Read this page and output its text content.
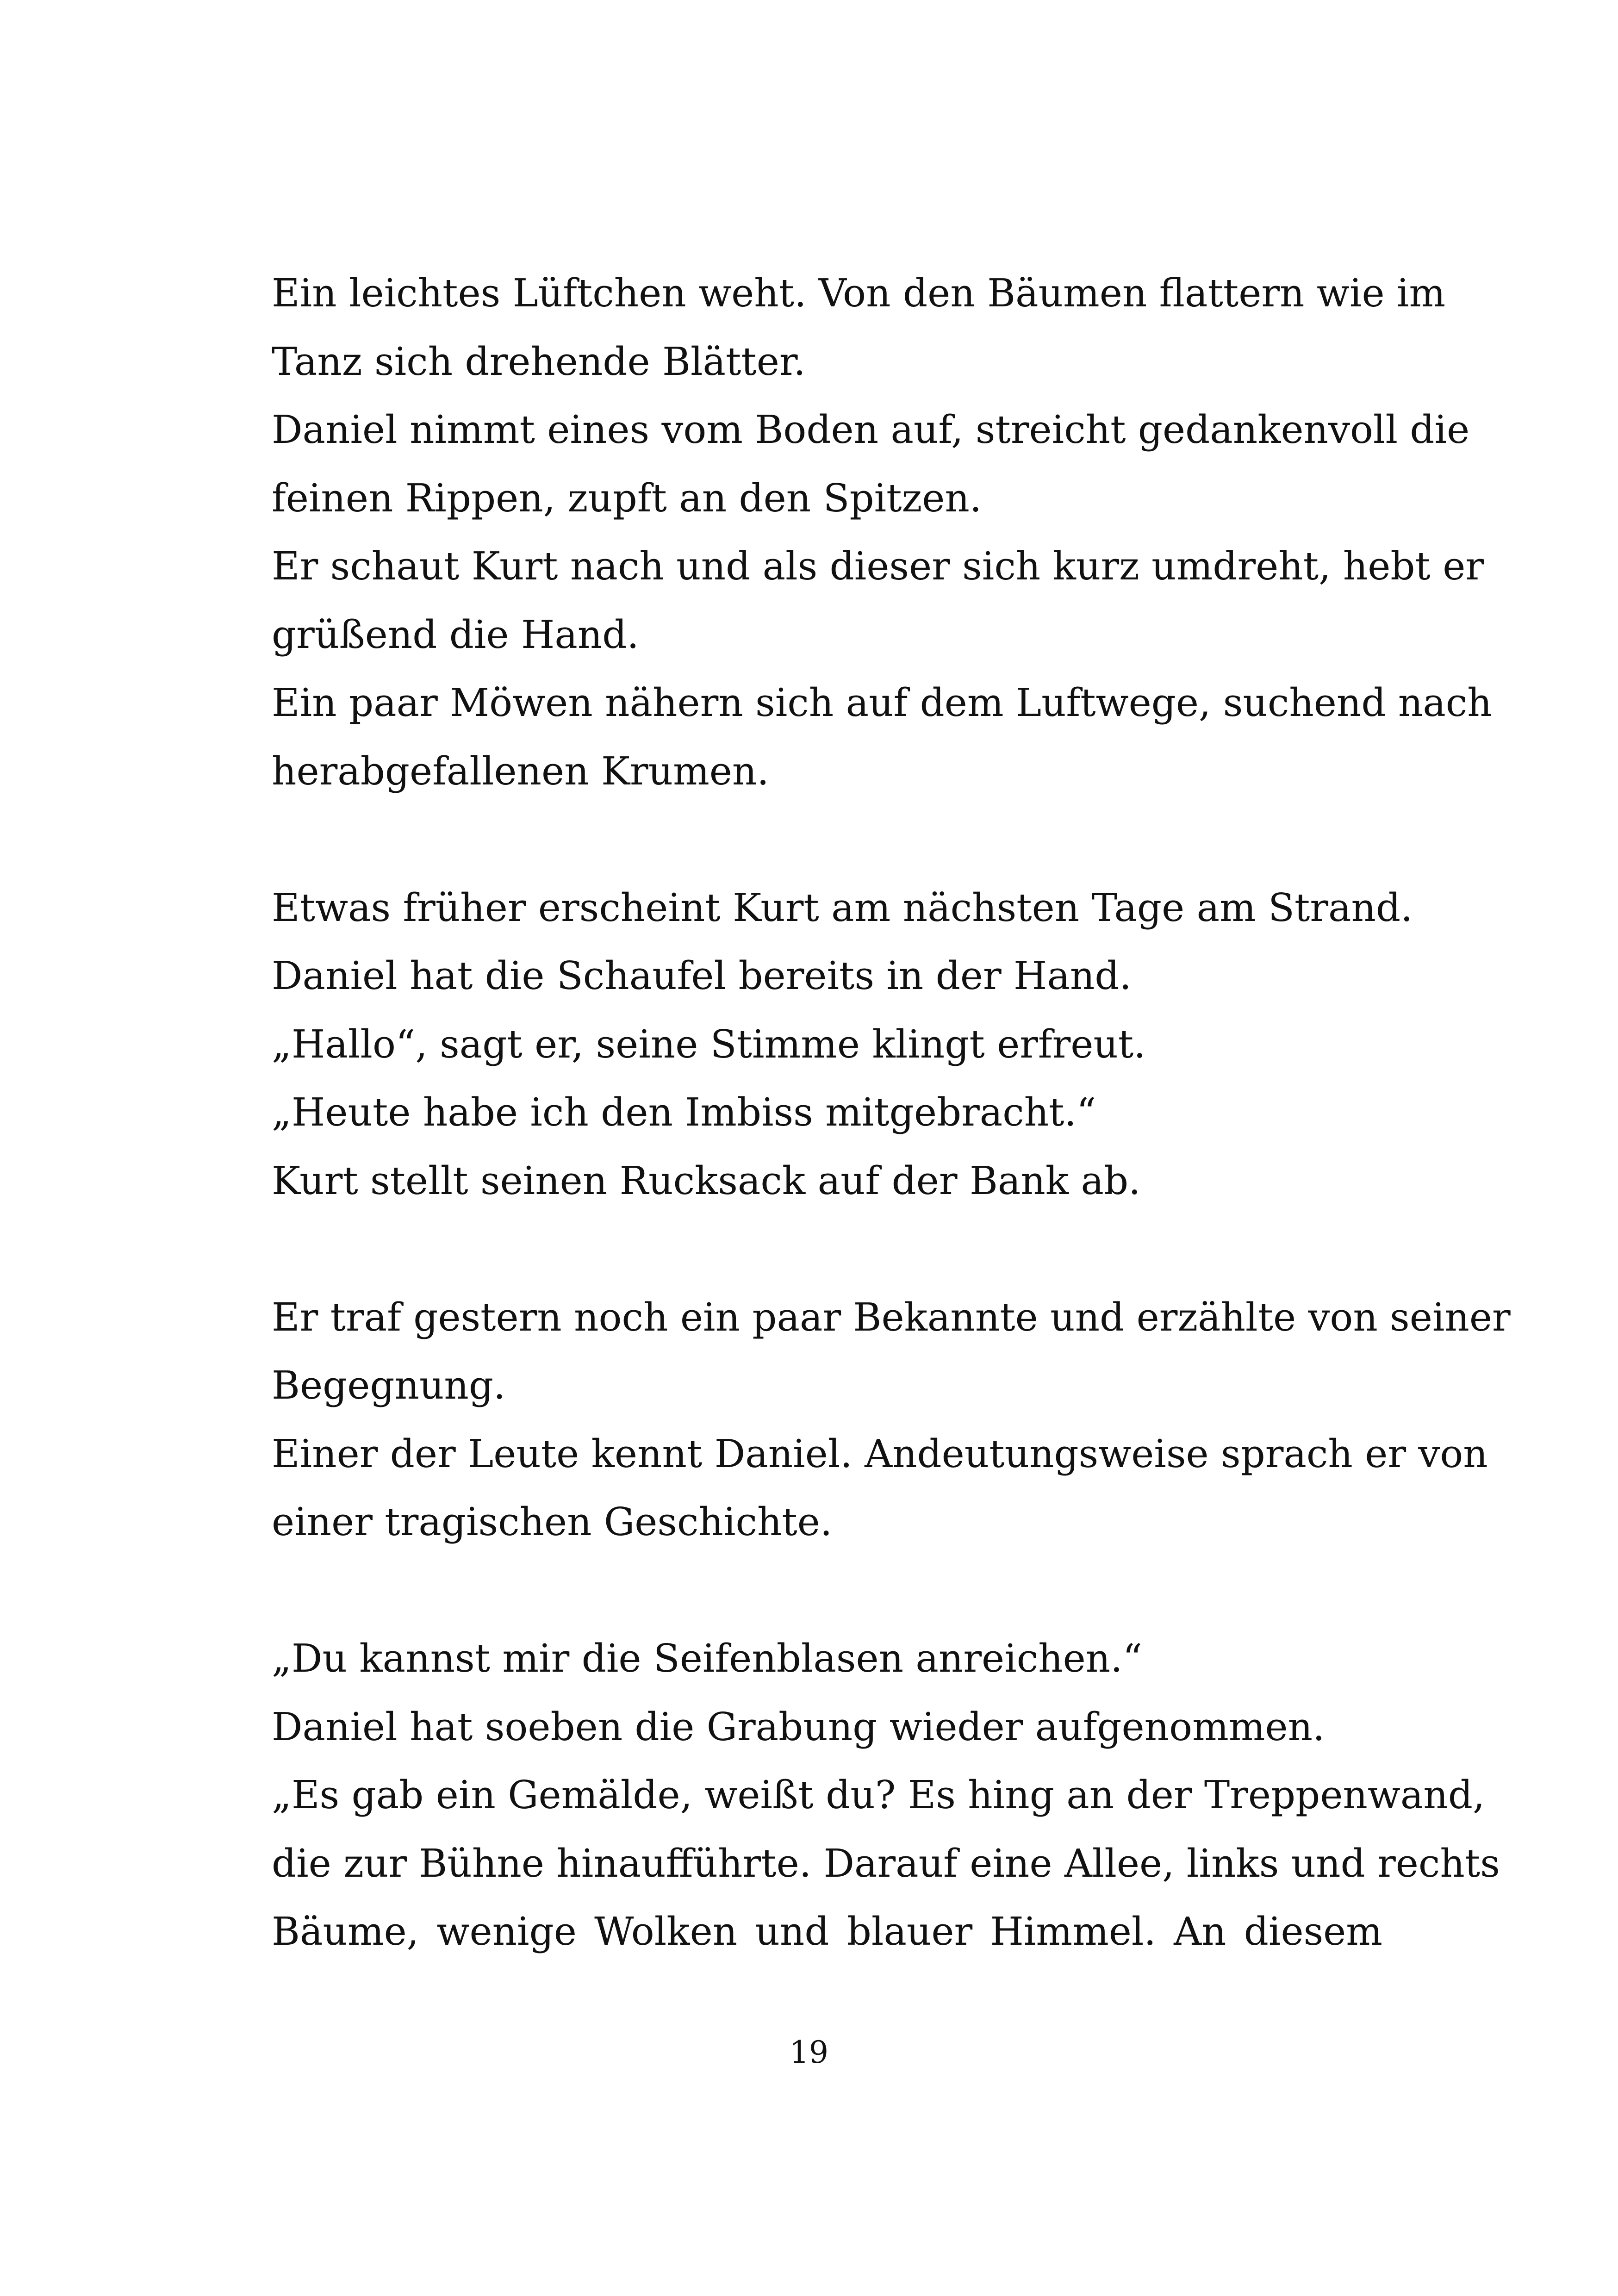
Ein leichtes Lüftchen weht. Von den Bäumen flattern wie im
Tanz sich drehende Blätter.
Daniel nimmt eines vom Boden auf, streicht gedankenvoll die
feinen Rippen, zupft an den Spitzen.
Er schaut Kurt nach und als dieser sich kurz umdreht, hebt er
grüßend die Hand.
Ein paar Möwen nähern sich auf dem Luftwege, suchend nach
herabgefallenen Krumen.
Etwas früher erscheint Kurt am nächsten Tage am Strand.
Daniel hat die Schaufel bereits in der Hand.
„Hallo“, sagt er, seine Stimme klingt erfreut.
„Heute habe ich den Imbiss mitgebracht.“
Kurt stellt seinen Rucksack auf der Bank ab.
Er traf gestern noch ein paar Bekannte und erzählte von seiner
Begegnung.
Einer der Leute kennt Daniel. Andeutungsweise sprach er von
einer tragischen Geschichte.
„Du kannst mir die Seifenblasen anreichen.“
Daniel hat soeben die Grabung wieder aufgenommen.
„Es gab ein Gemälde, weißt du? Es hing an der Treppenwand,
die zur Bühne hinaufführte. Darauf eine Allee, links und rechts
Bäume, wenige Wolken und blauer Himmel. An diesem
19
